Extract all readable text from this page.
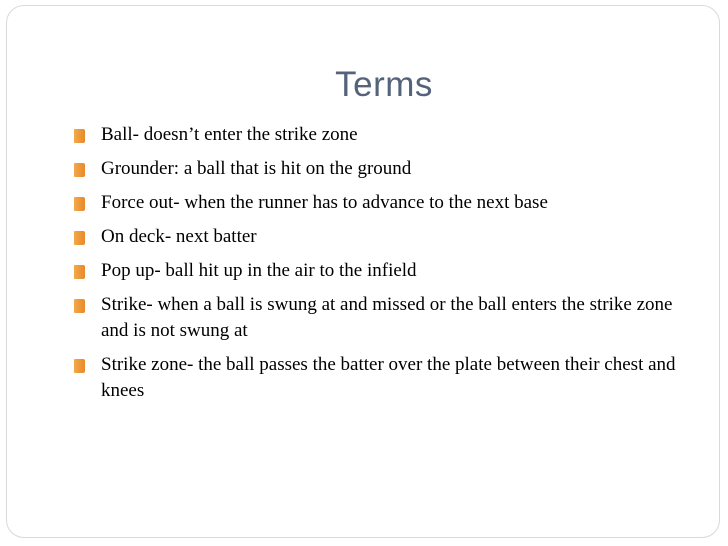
Terms
Ball- doesn’t enter the strike zone
Grounder: a ball that is hit on the ground
Force out- when the runner has to advance to the next base
On deck- next batter
Pop up- ball hit up in the air to the infield
Strike- when a ball is swung at and missed or the ball enters the strike zone and is not swung at
Strike zone- the ball passes the batter over the plate between their chest and knees
